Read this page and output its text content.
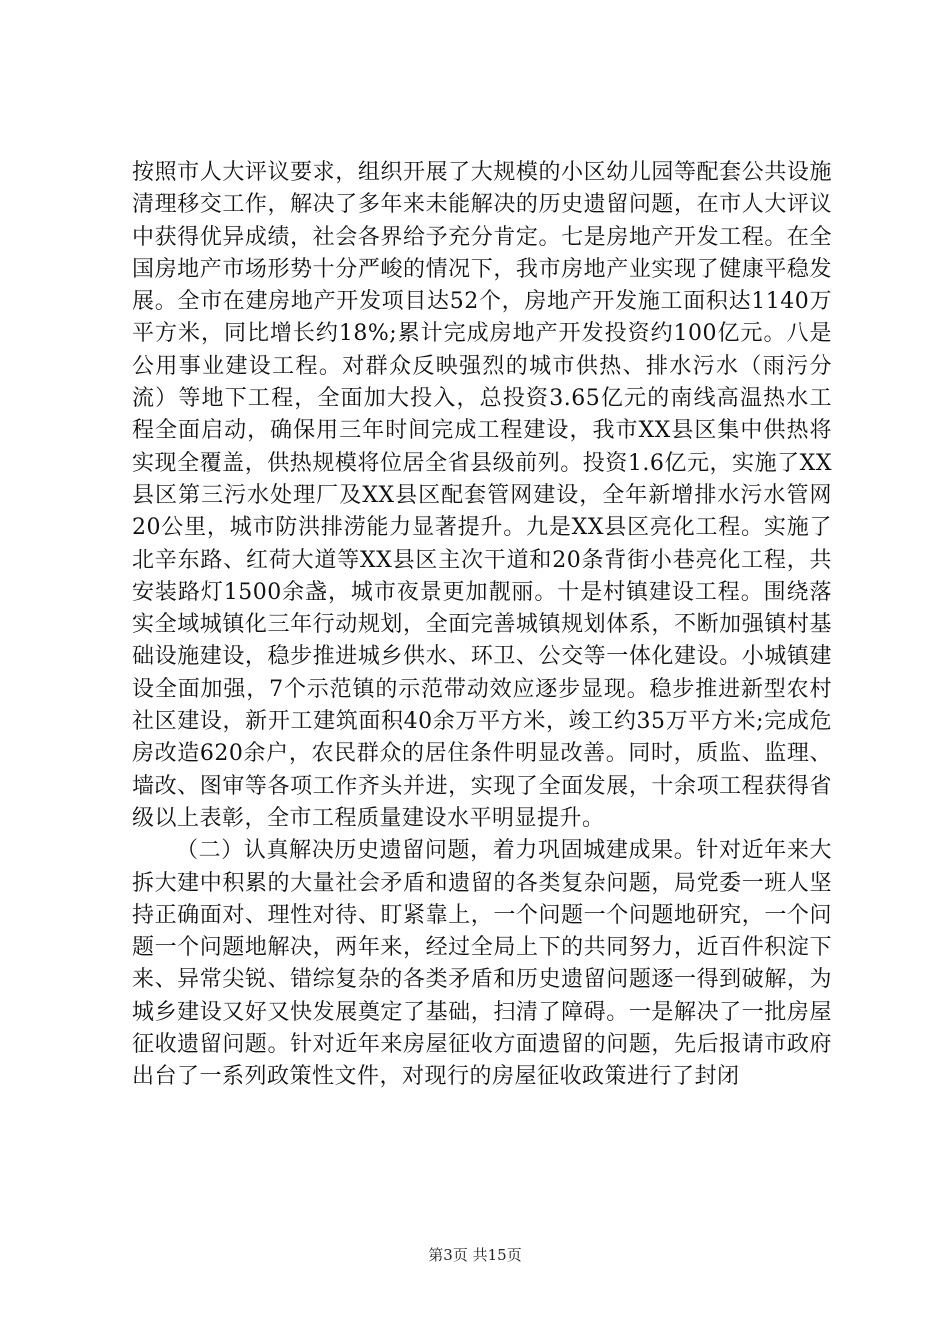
按照市人大评议要求，组织开展了大规模的小区幼儿园等配套公共设施清理移交工作，解决了多年来未能解决的历史遗留问题，在市人大评议中获得优异成绩，社会各界给予充分肯定。七是房地产开发工程。在全国房地产市场形势十分严峻的情况下，我市房地产业实现了健康平稳发展。全市在建房地产开发项目达52个，房地产开发施工面积达1140万平方米，同比增长约18%;累计完成房地产开发投资约100亿元。八是公用事业建设工程。对群众反映强烈的城市供热、排水污水（雨污分流）等地下工程，全面加大投入，总投资3.65亿元的南线高温热水工程全面启动，确保用三年时间完成工程建设，我市XX县区集中供热将实现全覆盖，供热规模将位居全省县级前列。投资1.6亿元，实施了XX县区第三污水处理厂及XX县区配套管网建设，全年新增排水污水管网20公里，城市防洪排涝能力显著提升。九是XX县区亮化工程。实施了北辛东路、红荷大道等XX县区主次干道和20条背街小巷亮化工程，共安装路灯1500余盏，城市夜景更加靓丽。十是村镇建设工程。围绕落实全域城镇化三年行动规划，全面完善城镇规划体系，不断加强镇村基础设施建设，稳步推进城乡供水、环卫、公交等一体化建设。小城镇建设全面加强，7个示范镇的示范带动效应逐步显现。稳步推进新型农村社区建设，新开工建筑面积40余万平方米，竣工约35万平方米;完成危房改造620余户，农民群众的居住条件明显改善。同时，质监、监理、墙改、图审等各项工作齐头并进，实现了全面发展，十余项工程获得省级以上表彰，全市工程质量建设水平明显提升。

（二）认真解决历史遗留问题，着力巩固城建成果。针对近年来大拆大建中积累的大量社会矛盾和遗留的各类复杂问题，局党委一班人坚持正确面对、理性对待、盯紧靠上，一个问题一个问题地研究，一个问题一个问题地解决，两年来，经过全局上下的共同努力，近百件积淀下来、异常尖锐、错综复杂的各类矛盾和历史遗留问题逐一得到破解，为城乡建设又好又快发展奠定了基础，扫清了障碍。一是解决了一批房屋征收遗留问题。针对近年来房屋征收方面遗留的问题，先后报请市政府出台了一系列政策性文件，对现行的房屋征收政策进行了封闭

第3页 共15页
